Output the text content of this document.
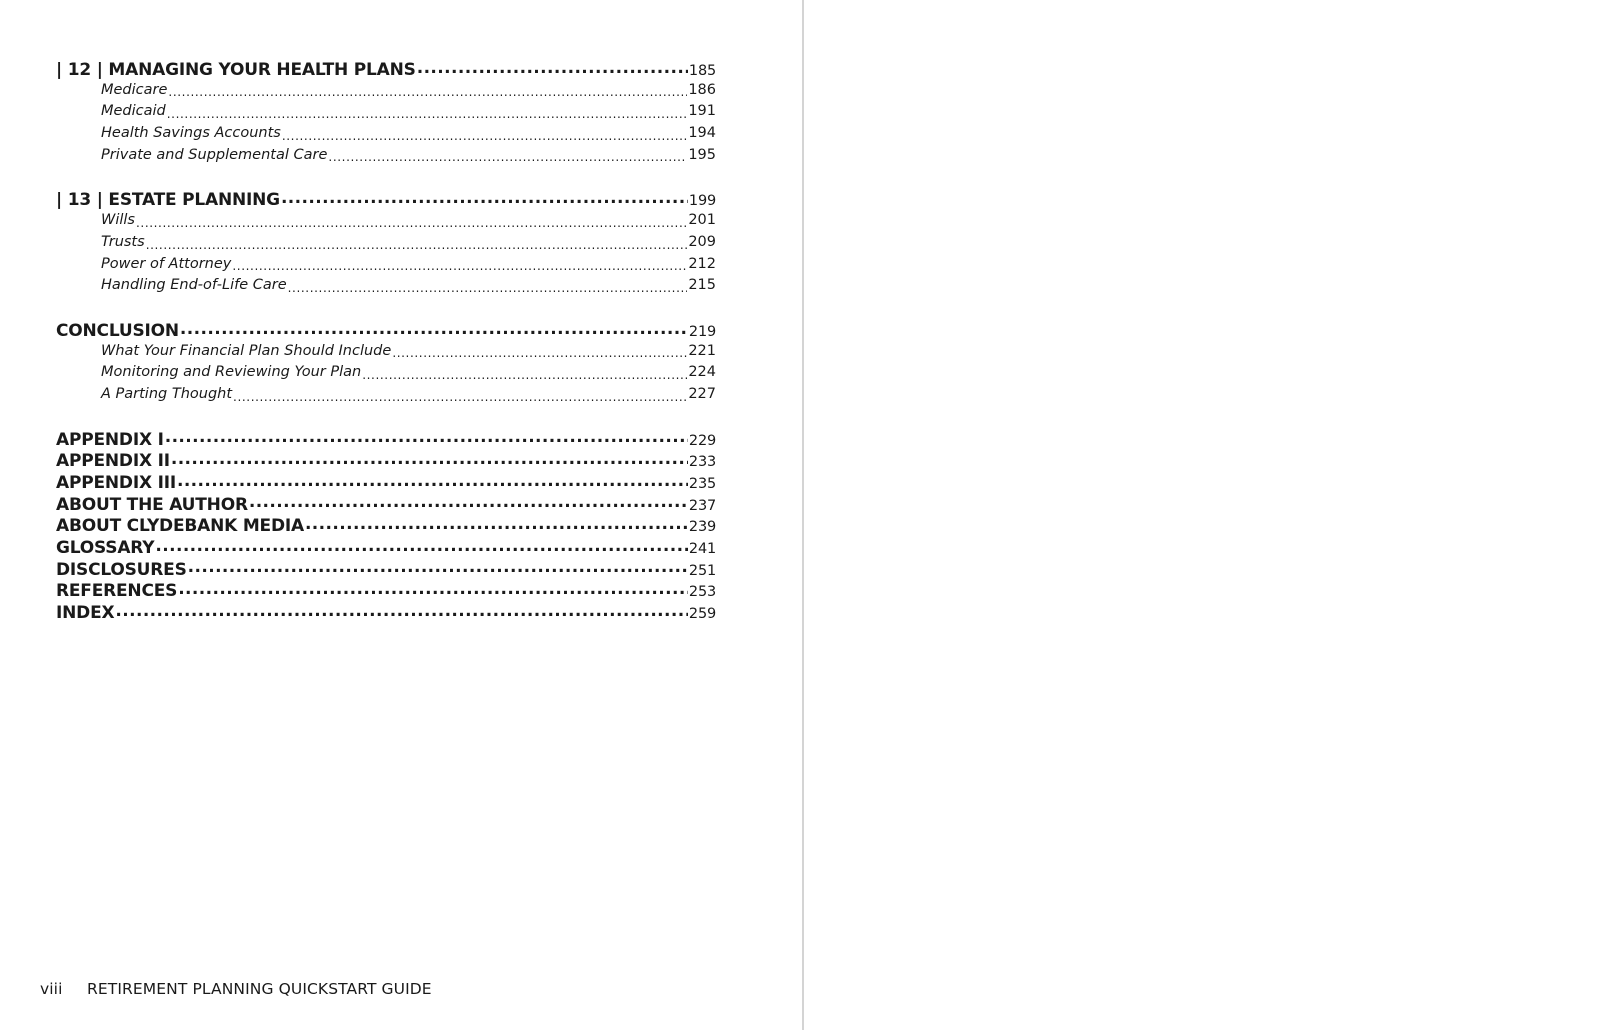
| 12 | MANAGING YOUR HEALTH PLANS .....	185
Medicare .....	186
Medicaid .....	191
Health Savings Accounts .....	194
Private and Supplemental Care .....	195
| 13 | ESTATE PLANNING .....	199
Wills .....	201
Trusts .....	209
Power of Attorney .....	212
Handling End-of-Life Care .....	215
CONCLUSION .....	219
What Your Financial Plan Should Include .....	221
Monitoring and Reviewing Your Plan .....	224
A Parting Thought .....	227
APPENDIX I .....	229
APPENDIX II .....	233
APPENDIX III .....	235
ABOUT THE AUTHOR .....	237
ABOUT CLYDEBANK MEDIA .....	239
GLOSSARY .....	241
DISCLOSURES .....	251
REFERENCES .....	253
INDEX .....	259
viii RETIREMENT PLANNING QUICKSTART GUIDE
